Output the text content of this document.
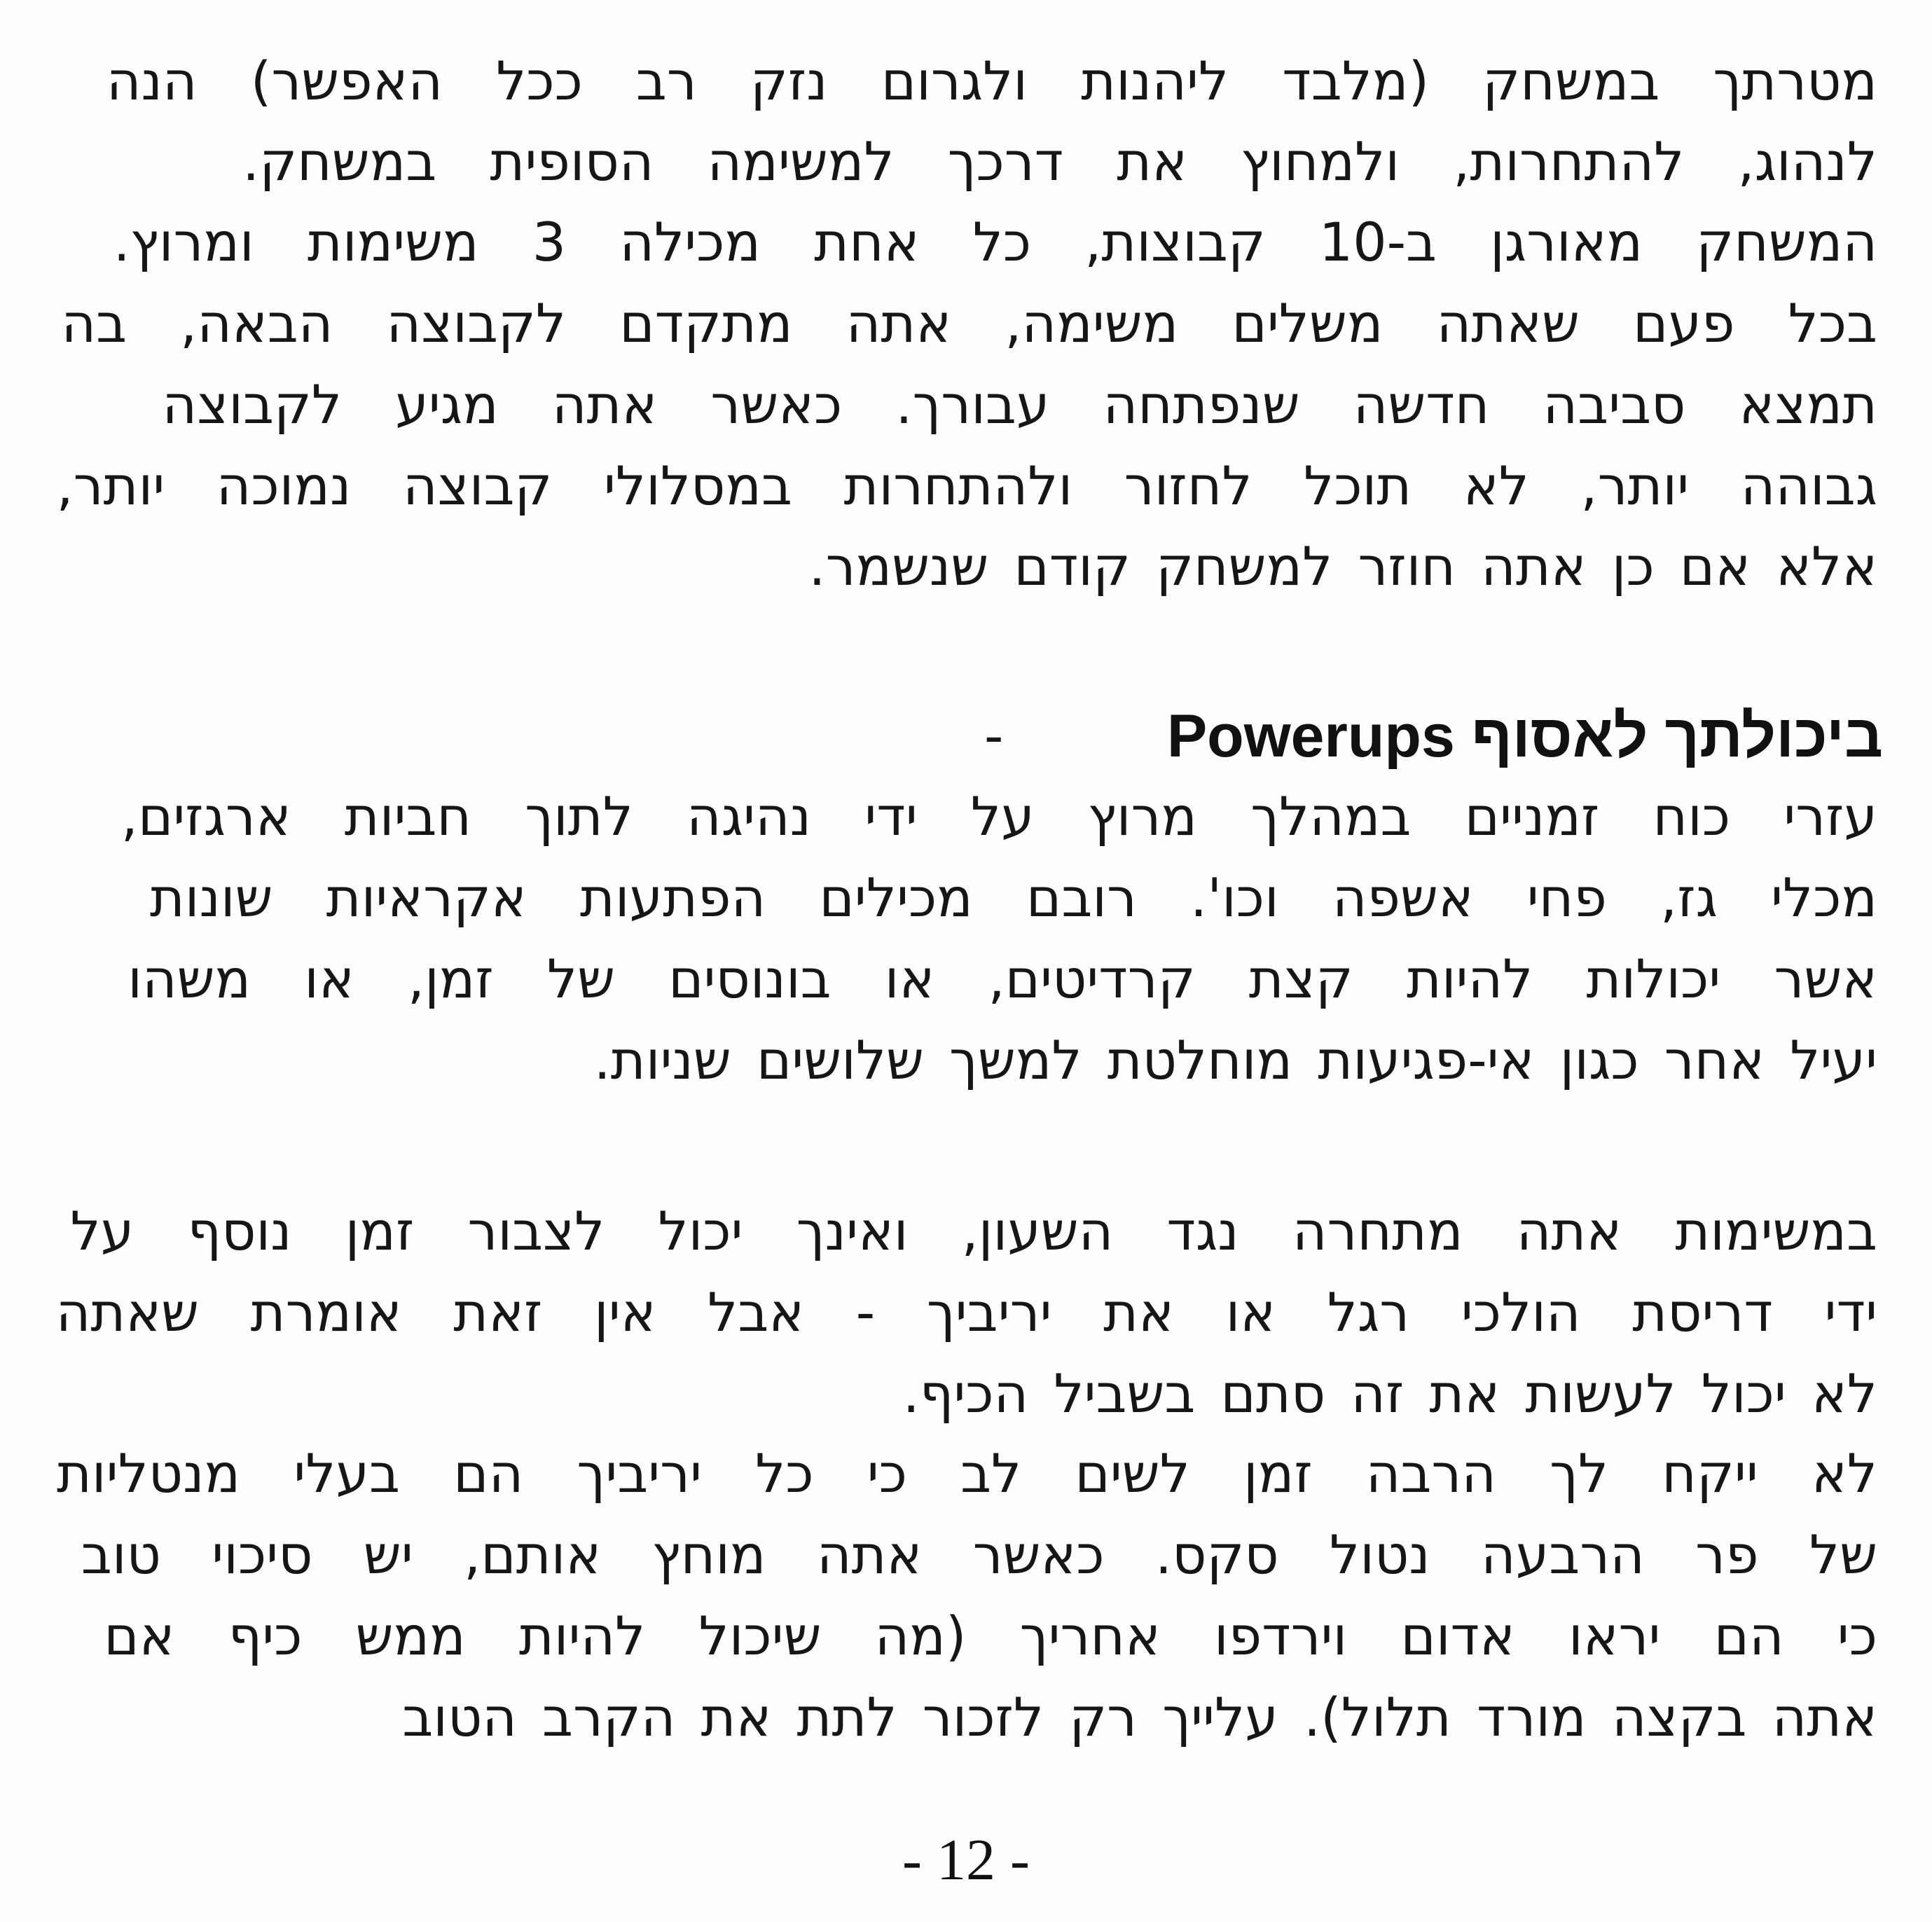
מטרתך במשחק (מלבד ליהנות ולגרום נזק רב ככל האפשר) הנה
לנהוג, להתחרות, ולמחוץ את דרכך למשימה הסופית במשחק.
המשחק מאורגן ב-10 קבוצות, כל אחת מכילה 3 משימות ומרוץ.
בכל פעם שאתה משלים משימה, אתה מתקדם לקבוצה הבאה, בה
תמצא סביבה חדשה שנפתחה עבורך. כאשר אתה מגיע לקבוצה
גבוהה יותר, לא תוכל לחזור ולהתחרות במסלולי קבוצה נמוכה יותר,
אלא אם כן אתה חוזר למשחק קודם שנשמר.
ביכולתך לאסוף Powerups
-
עזרי כוח זמניים במהלך מרוץ על ידי נהיגה לתוך חביות ארגזים,
מכלי גז, פחי אשפה וכו'. רובם מכילים הפתעות אקראיות שונות
אשר יכולות להיות קצת קרדיטים, או בונוסים של זמן, או משהו
יעיל אחר כגון אי-פגיעות מוחלטת למשך שלושים שניות.
במשימות אתה מתחרה נגד השעון, ואינך יכול לצבור זמן נוסף על
ידי דריסת הולכי רגל או את יריביך - אבל אין זאת אומרת שאתה
לא יכול לעשות את זה סתם בשביל הכיף.
לא ייקח לך הרבה זמן לשים לב כי כל יריביך הם בעלי מנטליות
של פר הרבעה נטול סקס. כאשר אתה מוחץ אותם, יש סיכוי טוב
כי הם יראו אדום וירדפו אחריך (מה שיכול להיות ממש כיף אם
אתה בקצה מורד תלול). עלייך רק לזכור לתת את הקרב הטוב
- 12 -
